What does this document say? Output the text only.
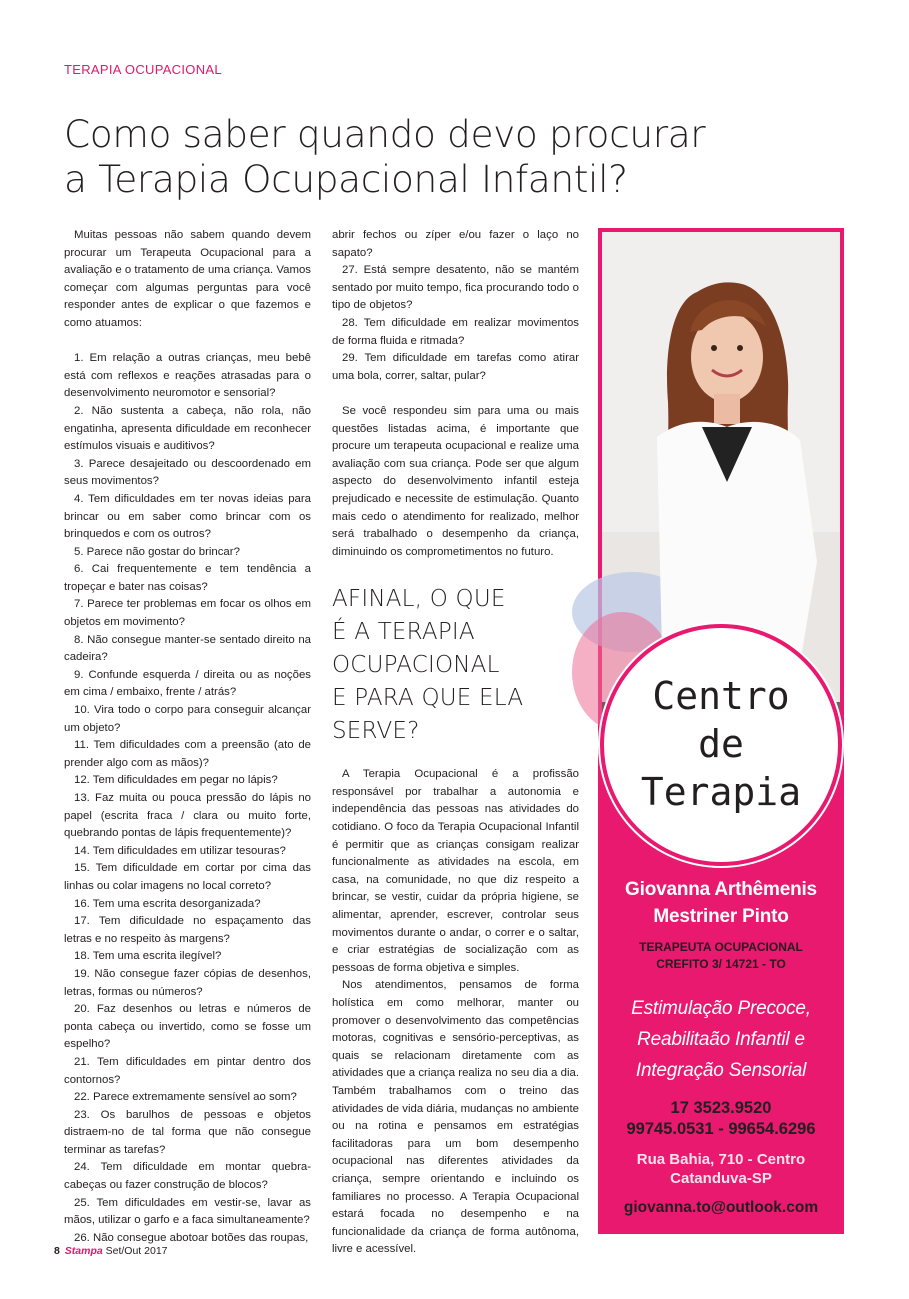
TERAPIA OCUPACIONAL
Como saber quando devo procurar
a Terapia Ocupacional Infantil?

Muitas pessoas não sabem quando devem procurar um Terapeuta Ocupacional para a avaliação e o tratamento de uma criança. Vamos começar com algumas perguntas para você responder antes de explicar o que fazemos e como atuamos:

1. Em relação a outras crianças, meu bebê está com reflexos e reações atrasadas para o desenvolvimento neuromotor e sensorial?

2. Não sustenta a cabeça, não rola, não engatinha, apresenta dificuldade em reconhecer estímulos visuais e auditivos?

3. Parece desajeitado ou descoordenado em seus movimentos?

4. Tem dificuldades em ter novas ideias para brincar ou em saber como brincar com os brinquedos e com os outros?

5. Parece não gostar do brincar?

6. Cai frequentemente e tem tendência a tropeçar e bater nas coisas?

7. Parece ter problemas em focar os olhos em objetos em movimento?

8. Não consegue manter-se sentado direito na cadeira?

9. Confunde esquerda / direita ou as noções em cima / embaixo, frente / atrás?

10. Vira todo o corpo para conseguir alcançar um objeto?

11. Tem dificuldades com a preensão (ato de prender algo com as mãos)?

12. Tem dificuldades em pegar no lápis?

13. Faz muita ou pouca pressão do lápis no papel (escrita fraca / clara ou muito forte, quebrando pontas de lápis frequentemente)?

14. Tem dificuldades em utilizar tesouras?

15. Tem dificuldade em cortar por cima das linhas ou colar imagens no local correto?

16. Tem uma escrita desorganizada?

17. Tem dificuldade no espaçamento das letras e no respeito às margens?

18. Tem uma escrita ilegível?

19. Não consegue fazer cópias de desenhos, letras, formas ou números?

20. Faz desenhos ou letras e números de ponta cabeça ou invertido, como se fosse um espelho?

21. Tem dificuldades em pintar dentro dos contornos?

22. Parece extremamente sensível ao som?

23. Os barulhos de pessoas e objetos distraem-no de tal forma que não consegue terminar as tarefas?

24. Tem dificuldade em montar quebra-cabeças ou fazer construção de blocos?

25. Tem dificuldades em vestir-se, lavar as mãos, utilizar o garfo e a faca simultaneamente?

26. Não consegue abotoar botões das roupas,

abrir fechos ou zíper e/ou fazer o laço no sapato?

27. Está sempre desatento, não se mantém sentado por muito tempo, fica procurando todo o tipo de objetos?

28. Tem dificuldade em realizar movimentos de forma fluida e ritmada?

29. Tem dificuldade em tarefas como atirar uma bola, correr, saltar, pular?

Se você respondeu sim para uma ou mais questões listadas acima, é importante que procure um terapeuta ocupacional e realize uma avaliação com sua criança. Pode ser que algum aspecto do desenvolvimento infantil esteja prejudicado e necessite de estimulação. Quanto mais cedo o atendimento for realizado, melhor será trabalhado o desempenho da criança, diminuindo os comprometimentos no futuro.

AFINAL, O QUE
É A TERAPIA
OCUPACIONAL
E PARA QUE ELA
SERVE?

A Terapia Ocupacional é a profissão responsável por trabalhar a autonomia e independência das pessoas nas atividades do cotidiano. O foco da Terapia Ocupacional Infantil é permitir que as crianças consigam realizar funcionalmente as atividades na escola, em casa, na comunidade, no que diz respeito a brincar, se vestir, cuidar da própria higiene, se alimentar, aprender, escrever, controlar seus movimentos durante o andar, o correr e o saltar, e criar estratégias de socialização com as pessoas de forma objetiva e simples.

Nos atendimentos, pensamos de forma holística em como melhorar, manter ou promover o desenvolvimento das competências motoras, cognitivas e sensório-perceptivas, as quais se relacionam diretamente com as atividades que a criança realiza no seu dia a dia. Também trabalhamos com o treino das atividades de vida diária, mudanças no ambiente ou na rotina e pensamos em estratégias facilitadoras para um bom desempenho ocupacional nas diferentes atividades da criança, sempre orientando e incluindo os familiares no processo. A Terapia Ocupacional estará focada no desempenho e na funcionalidade da criança de forma autônoma, livre e acessível.

Centro
de
Terapia
Giovanna Arthêmenis
Mestriner Pinto
TERAPEUTA OCUPACIONAL
CREFITO 3/ 14721 - TO
Estimulação Precoce,
Reabilitaão Infantil e
Integração Sensorial
17 3523.9520
99745.0531 - 99654.6296
Rua Bahia, 710 - Centro
Catanduva-SP
giovanna.to@outlook.com
8 Stampa Set/Out 2017
